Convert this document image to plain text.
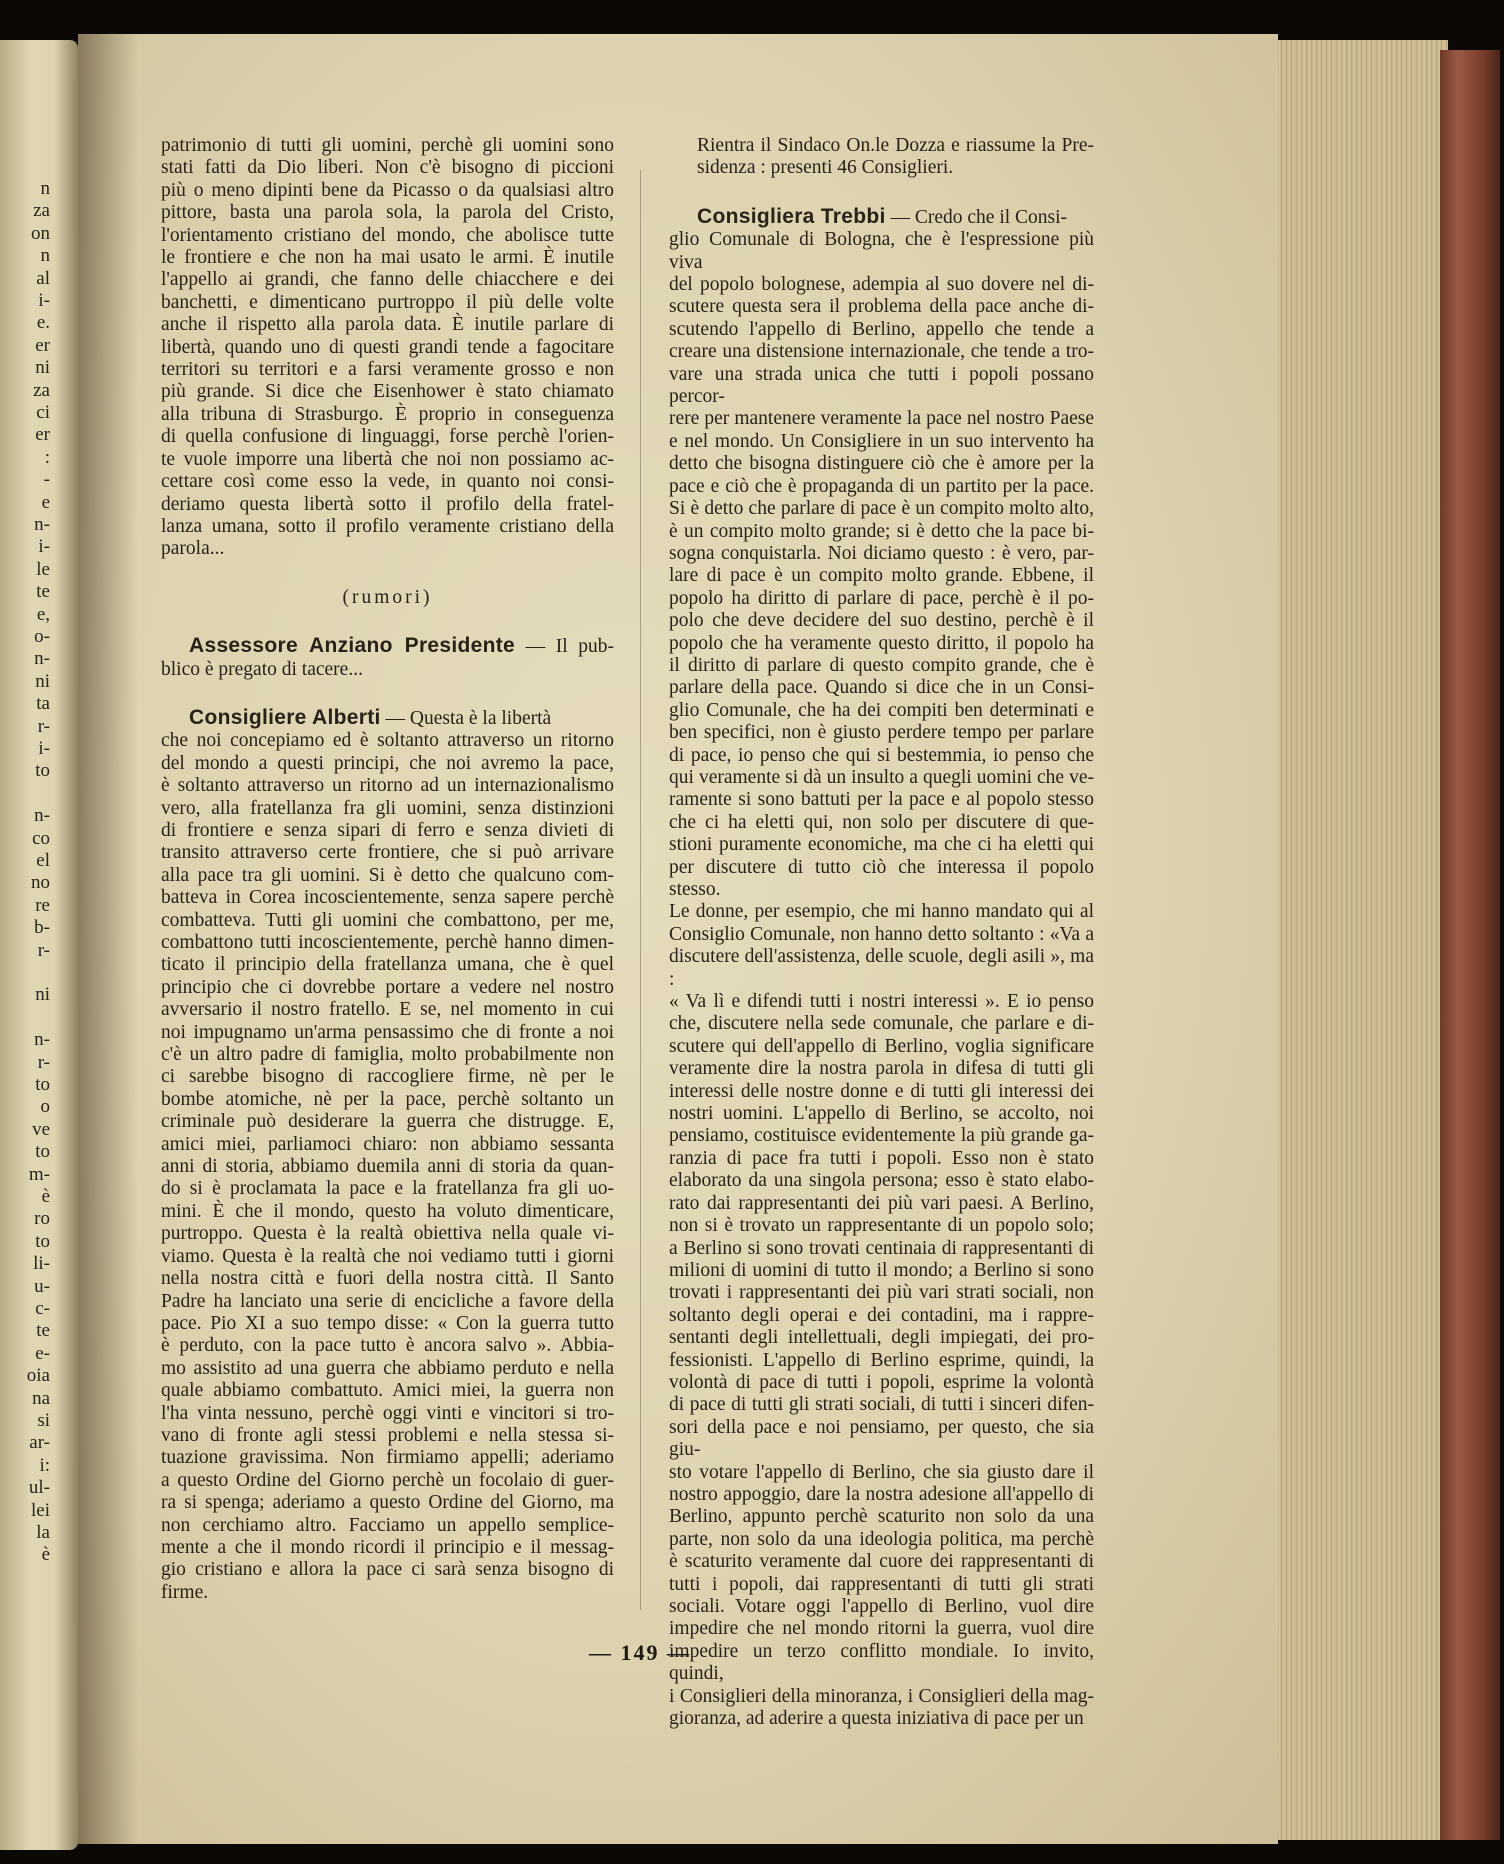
n
za
on
n
al
i-
e.
er
ni
za
ci
er
:
-
e
n-
i-
le
te
e,
o-
n-
ni
ta
r-
i-
to
n-
co
el
no
re
b-
r-
ni
n-
r-
to
o
ve
to
m-
è
ro
to
li-
u-
c-
te
e-
oia
na
si
ar-
i:
ul-
lei
la
è
patrimonio di tutti gli uomini, perchè gli uomini sono
stati fatti da Dio liberi. Non c'è bisogno di piccioni
più o meno dipinti bene da Picasso o da qualsiasi altro
pittore, basta una parola sola, la parola del Cristo,
l'orientamento cristiano del mondo, che abolisce tutte
le frontiere e che non ha mai usato le armi. È inutile
l'appello ai grandi, che fanno delle chiacchere e dei
banchetti, e dimenticano purtroppo il più delle volte
anche il rispetto alla parola data. È inutile parlare di
libertà, quando uno di questi grandi tende a fagocitare
territori su territori e a farsi veramente grosso e non
più grande. Si dice che Eisenhower è stato chiamato
alla tribuna di Strasburgo. È proprio in conseguenza
di quella confusione di linguaggi, forse perchè l'orien-
te vuole imporre una libertà che noi non possiamo ac-
cettare così come esso la vede, in quanto noi consi-
deriamo questa libertà sotto il profilo della fratel-
lanza umana, sotto il profilo veramente cristiano della
parola...

(rumori)

Assessore Anziano Presidente — Il pub- blico è pregato di tacere...

Consigliere Alberti — Questa è la libertà

che noi concepiamo ed è soltanto attraverso un ritorno
del mondo a questi principi, che noi avremo la pace,
è soltanto attraverso un ritorno ad un internazionalismo
vero, alla fratellanza fra gli uomini, senza distinzioni
di frontiere e senza sipari di ferro e senza divieti di
transito attraverso certe frontiere, che si può arrivare
alla pace tra gli uomini. Si è detto che qualcuno com-
batteva in Corea incoscientemente, senza sapere perchè
combatteva. Tutti gli uomini che combattono, per me,
combattono tutti incoscientemente, perchè hanno dimen-
ticato il principio della fratellanza umana, che è quel
principio che ci dovrebbe portare a vedere nel nostro
avversario il nostro fratello. E se, nel momento in cui
noi impugnamo un'arma pensassimo che di fronte a noi
c'è un altro padre di famiglia, molto probabilmente non
ci sarebbe bisogno di raccogliere firme, nè per le
bombe atomiche, nè per la pace, perchè soltanto un
criminale può desiderare la guerra che distrugge. E,
amici miei, parliamoci chiaro: non abbiamo sessanta
anni di storia, abbiamo duemila anni di storia da quan-
do si è proclamata la pace e la fratellanza fra gli uo-
mini. È che il mondo, questo ha voluto dimenticare,
purtroppo. Questa è la realtà obiettiva nella quale vi-
viamo. Questa è la realtà che noi vediamo tutti i giorni
nella nostra città e fuori della nostra città. Il Santo
Padre ha lanciato una serie di encicliche a favore della
pace. Pio XI a suo tempo disse: « Con la guerra tutto
è perduto, con la pace tutto è ancora salvo ». Abbia-
mo assistito ad una guerra che abbiamo perduto e nella
quale abbiamo combattuto. Amici miei, la guerra non
l'ha vinta nessuno, perchè oggi vinti e vincitori si tro-
vano di fronte agli stessi problemi e nella stessa si-
tuazione gravissima. Non firmiamo appelli; aderiamo
a questo Ordine del Giorno perchè un focolaio di guer-
ra si spenga; aderiamo a questo Ordine del Giorno, ma
non cerchiamo altro. Facciamo un appello semplice-
mente a che il mondo ricordi il principio e il messag-
gio cristiano e allora la pace ci sarà senza bisogno di
firme.
Rientra il Sindaco On.le Dozza e riassume la Pre-
sidenza : presenti 46 Consiglieri.

Consigliera Trebbi — Credo che il Consi-

glio Comunale di Bologna, che è l'espressione più viva
del popolo bolognese, adempia al suo dovere nel di-
scutere questa sera il problema della pace anche di-
scutendo l'appello di Berlino, appello che tende a
creare una distensione internazionale, che tende a tro-
vare una strada unica che tutti i popoli possano percor-
rere per mantenere veramente la pace nel nostro Paese
e nel mondo. Un Consigliere in un suo intervento ha
detto che bisogna distinguere ciò che è amore per la
pace e ciò che è propaganda di un partito per la pace.
Si è detto che parlare di pace è un compito molto alto,
è un compito molto grande; si è detto che la pace bi-
sogna conquistarla. Noi diciamo questo : è vero, par-
lare di pace è un compito molto grande. Ebbene, il
popolo ha diritto di parlare di pace, perchè è il po-
polo che deve decidere del suo destino, perchè è il
popolo che ha veramente questo diritto, il popolo ha
il diritto di parlare di questo compito grande, che è
parlare della pace. Quando si dice che in un Consi-
glio Comunale, che ha dei compiti ben determinati e
ben specifici, non è giusto perdere tempo per parlare
di pace, io penso che qui si bestemmia, io penso che
qui veramente si dà un insulto a quegli uomini che ve-
ramente si sono battuti per la pace e al popolo stesso
che ci ha eletti qui, non solo per discutere di que-
stioni puramente economiche, ma che ci ha eletti qui
per discutere di tutto ciò che interessa il popolo stesso.
Le donne, per esempio, che mi hanno mandato qui al
Consiglio Comunale, non hanno detto soltanto : «Va a
discutere dell'assistenza, delle scuole, degli asili », ma :
« Va lì e difendi tutti i nostri interessi ». E io penso
che, discutere nella sede comunale, che parlare e di-
scutere qui dell'appello di Berlino, voglia significare
veramente dire la nostra parola in difesa di tutti gli
interessi delle nostre donne e di tutti gli interessi dei
nostri uomini. L'appello di Berlino, se accolto, noi
pensiamo, costituisce evidentemente la più grande ga-
ranzia di pace fra tutti i popoli. Esso non è stato
elaborato da una singola persona; esso è stato elabo-
rato dai rappresentanti dei più vari paesi. A Berlino,
non si è trovato un rappresentante di un popolo solo;
a Berlino si sono trovati centinaia di rappresentanti di
milioni di uomini di tutto il mondo; a Berlino si sono
trovati i rappresentanti dei più vari strati sociali, non
soltanto degli operai e dei contadini, ma i rappre-
sentanti degli intellettuali, degli impiegati, dei pro-
fessionisti. L'appello di Berlino esprime, quindi, la
volontà di pace di tutti i popoli, esprime la volontà
di pace di tutti gli strati sociali, di tutti i sinceri difen-
sori della pace e noi pensiamo, per questo, che sia giu-
sto votare l'appello di Berlino, che sia giusto dare il
nostro appoggio, dare la nostra adesione all'appello di
Berlino, appunto perchè scaturito non solo da una
parte, non solo da una ideologia politica, ma perchè
è scaturito veramente dal cuore dei rappresentanti di
tutti i popoli, dai rappresentanti di tutti gli strati
sociali. Votare oggi l'appello di Berlino, vuol dire
impedire che nel mondo ritorni la guerra, vuol dire
impedire un terzo conflitto mondiale. Io invito, quindi,
i Consiglieri della minoranza, i Consiglieri della mag-
gioranza, ad aderire a questa iniziativa di pace per un
— 149 —
